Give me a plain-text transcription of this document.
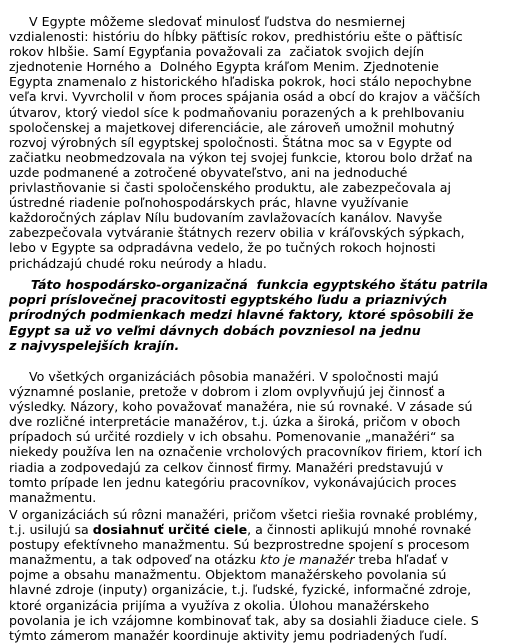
V Egypte môžeme sledovať minulosť ľudstva do nesmiernej
vzdialenosti: históriu do hĺbky päťtisíc rokov, predhistóriu ešte o päťtisíc
rokov hlbšie. Samí Egypťania považovali za  začiatok svojich dejín
zjednotenie Horného a  Dolného Egypta kráľom Menim. Zjednotenie
Egypta znamenalo z historického hľadiska pokrok, hoci stálo nepochybne
veľa krvi. Vyvrcholil v ňom proces spájania osád a obcí do krajov a väčších
útvarov, ktorý viedol síce k podmaňovaniu porazených a k prehlbovaniu
spoločenskej a majetkovej diferenciácie, ale zároveň umožnil mohutný
rozvoj výrobných síl egyptskej spoločnosti. Štátna moc sa v Egypte od
začiatku neobmedzovala na výkon tej svojej funkcie, ktorou bolo držať na
uzde podmanené a zotročené obyvateľstvo, ani na jednoduché
privlastňovanie si časti spoločenského produktu, ale zabezpečovala aj
ústredné riadenie poľnohospodárskych prác, hlavne využívanie
každoročných záplav Nílu budovaním zavlažovacích kanálov. Navyše
zabezpečovala vytváranie štátnych rezerv obilia v kráľovských sýpkach,
lebo v Egypte sa odpradávna vedelo, že po tučných rokoch hojnosti
prichádzajú chudé roku neúrody a hladu.
Táto hospodársko-organizačná  funkcia egyptského štátu patrila
popri príslovečnej pracovitosti egyptského ľudu a priaznivých
prírodných podmienkach medzi hlavné faktory, ktoré spôsobili že
Egypt sa už vo veľmi dávnych dobách povzniesol na jednu
z najvyspelejších krajín.
Vo všetkých organizáciách pôsobia manažéri. V spoločnosti majú
významné poslanie, pretože v dobrom i zlom ovplyvňujú jej činnosť a
výsledky. Názory, koho považovať manažéra, nie sú rovnaké. V zásade sú
dve rozličné interpretácie manažérov, t.j. úzka a široká, pričom v oboch
prípadoch sú určité rozdiely v ich obsahu. Pomenovanie „manažéri“ sa
niekedy používa len na označenie vrcholových pracovníkov firiem, ktorí ich
riadia a zodpovedajú za celkov činnosť firmy. Manažéri predstavujú v
tomto prípade len jednu kategóriu pracovníkov, vykonávajúcich proces
manažmentu.
V organizáciách sú rôzni manažéri, pričom všetci riešia rovnaké problémy,
t.j. usilujú sa dosiahnuť určité ciele, a činnosti aplikujú mnohé rovnaké
postupy efektívneho manažmentu. Sú bezprostredne spojení s procesom
manažmentu, a tak odpoveď na otázku kto je manažér treba hľadať v
pojme a obsahu manažmentu. Objektom manažérskeho povolania sú
hlavné zdroje (inputy) organizácie, t.j. ľudské, fyzické, informačné zdroje,
ktoré organizácia prijíma a využíva z okolia. Úlohou manažérskeho
povolania je ich vzájomne kombinovať tak, aby sa dosiahli žiaduce ciele. S
týmto zámerom manažér koordinuje aktivity jemu podriadených ľudí.
